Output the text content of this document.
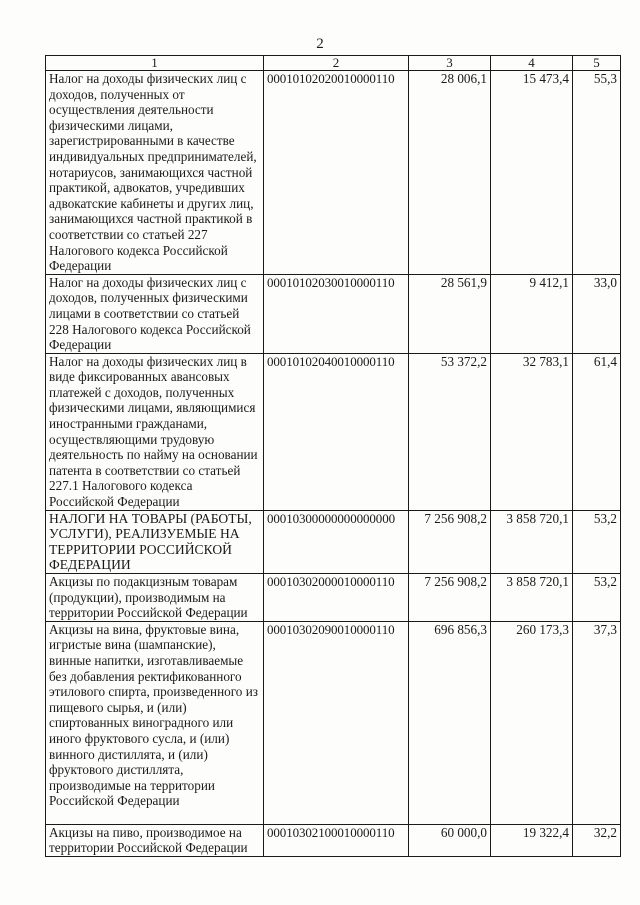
2
1	2	3	4	5
Налог на доходы физических лиц с доходов, полученных от осуществления деятельности физическими лицами, зарегистрированными в качестве индивидуальных предпринимателей, нотариусов, занимающихся частной практикой, адвокатов, учредивших адвокатские кабинеты и других лиц, занимающихся частной практикой в соответствии со статьей 227 Налогового кодекса Российской Федерации	00010102020010000110	28 006,1	15 473,4	55,3
Налог на доходы физических лиц с доходов, полученных физическими лицами в соответствии со статьей 228 Налогового кодекса Российской Федерации	00010102030010000110	28 561,9	9 412,1	33,0
Налог на доходы физических лиц в виде фиксированных авансовых платежей с доходов, полученных физическими лицами, являющимися иностранными гражданами, осуществляющими трудовую деятельность по найму на основании патента в соответствии со статьей 227.1 Налогового кодекса Российской Федерации	00010102040010000110	53 372,2	32 783,1	61,4
НАЛОГИ НА ТОВАРЫ (РАБОТЫ, УСЛУГИ), РЕАЛИЗУЕМЫЕ НА ТЕРРИТОРИИ РОССИЙСКОЙ ФЕДЕРАЦИИ	00010300000000000000	7 256 908,2	3 858 720,1	53,2
Акцизы по подакцизным товарам (продукции), производимым на территории Российской Федерации	00010302000010000110	7 256 908,2	3 858 720,1	53,2
Акцизы на вина, фруктовые вина, игристые вина (шампанские), винные напитки, изготавливаемые без добавления ректификованного этилового спирта, произведенного из пищевого сырья, и (или) спиртованных виноградного или иного фруктового сусла, и (или) винного дистиллята, и (или) фруктового дистиллята, производимые на территории Российской Федерации	00010302090010000110	696 856,3	260 173,3	37,3
Акцизы на пиво, производимое на территории Российской Федерации	00010302100010000110	60 000,0	19 322,4	32,2
